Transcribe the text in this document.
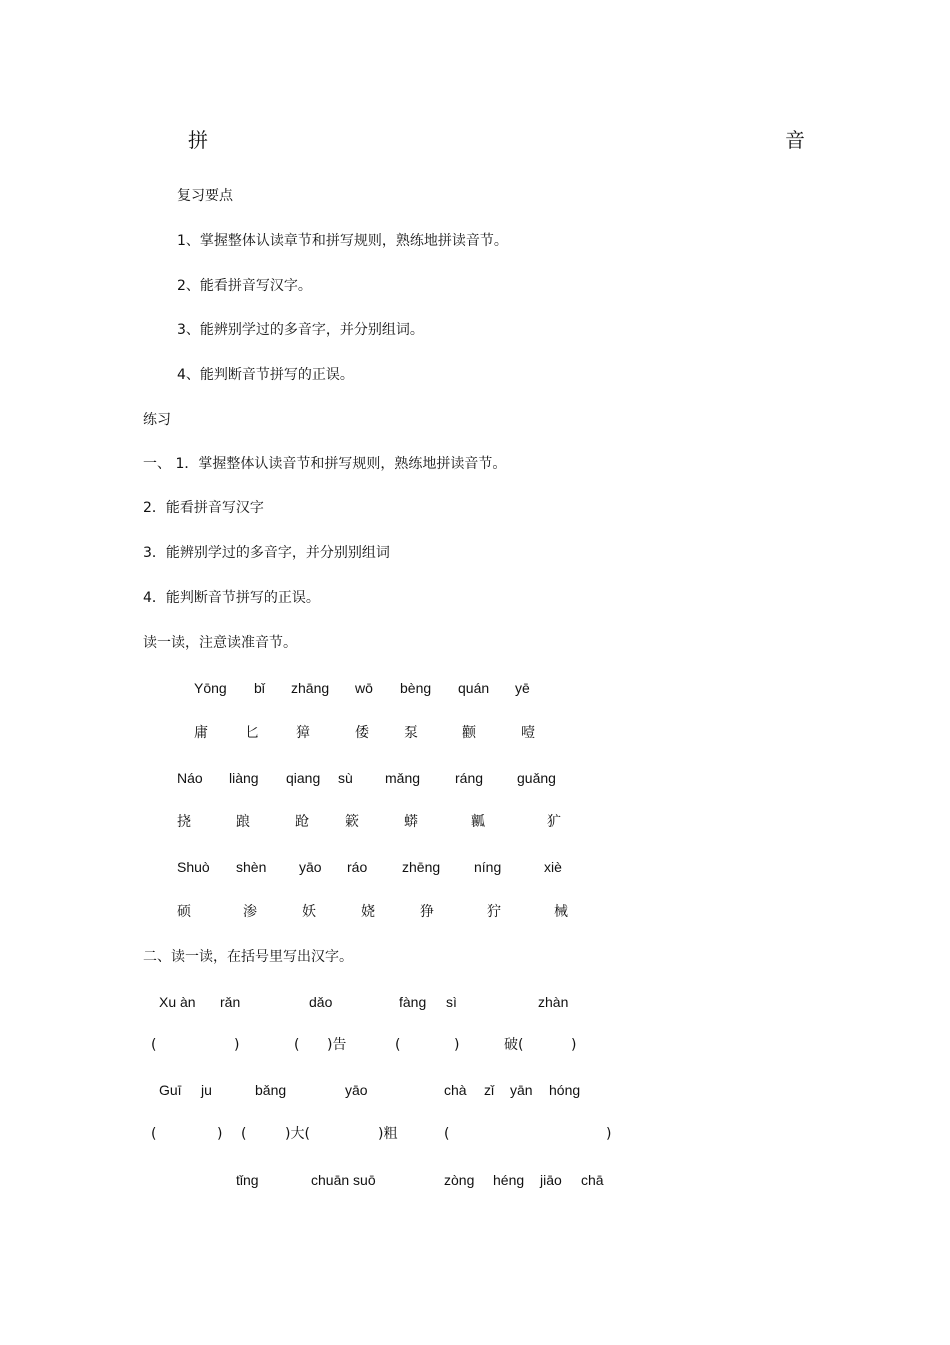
拼	音
复习要点
1、掌握整体认读章节和拼写规则，熟练地拼读音节。
2、能看拼音写汉字。
3、能辨别学过的多音字，并分别组词。
4、能判断音节拼写的正误。
练习
一、 1．掌握整体认读音节和拼写规则，熟练地拼读音节。
2．能看拼音写汉字
3．能辨别学过的多音字，并分别别组词
4．能判断音节拼写的正误。
读一读，注意读准音节。
Yōng bǐ zhāng wō bèng quán yē
庸	匕	獐	倭	泵	颧	噎
Náo liàng qiang sù mǎng ráng guǎng
挠	踉	跄	簌	蟒	瓤	犷
Shuò shèn yāo ráo zhēng níng	xiè
硕	渗	妖	娆	狰	狞	械
二、读一读，在括号里写出汉字。
Xu àn rǎn	dǎo	fàng sì	zhàn
(	)	( )告	(	)	破(	)
Guī ju	bǎng	yāo	chà zǐ yān hóng
(	) (	)大(	)粗	(	)
tǐng	chuān suō	zòng héng jiāo chā
